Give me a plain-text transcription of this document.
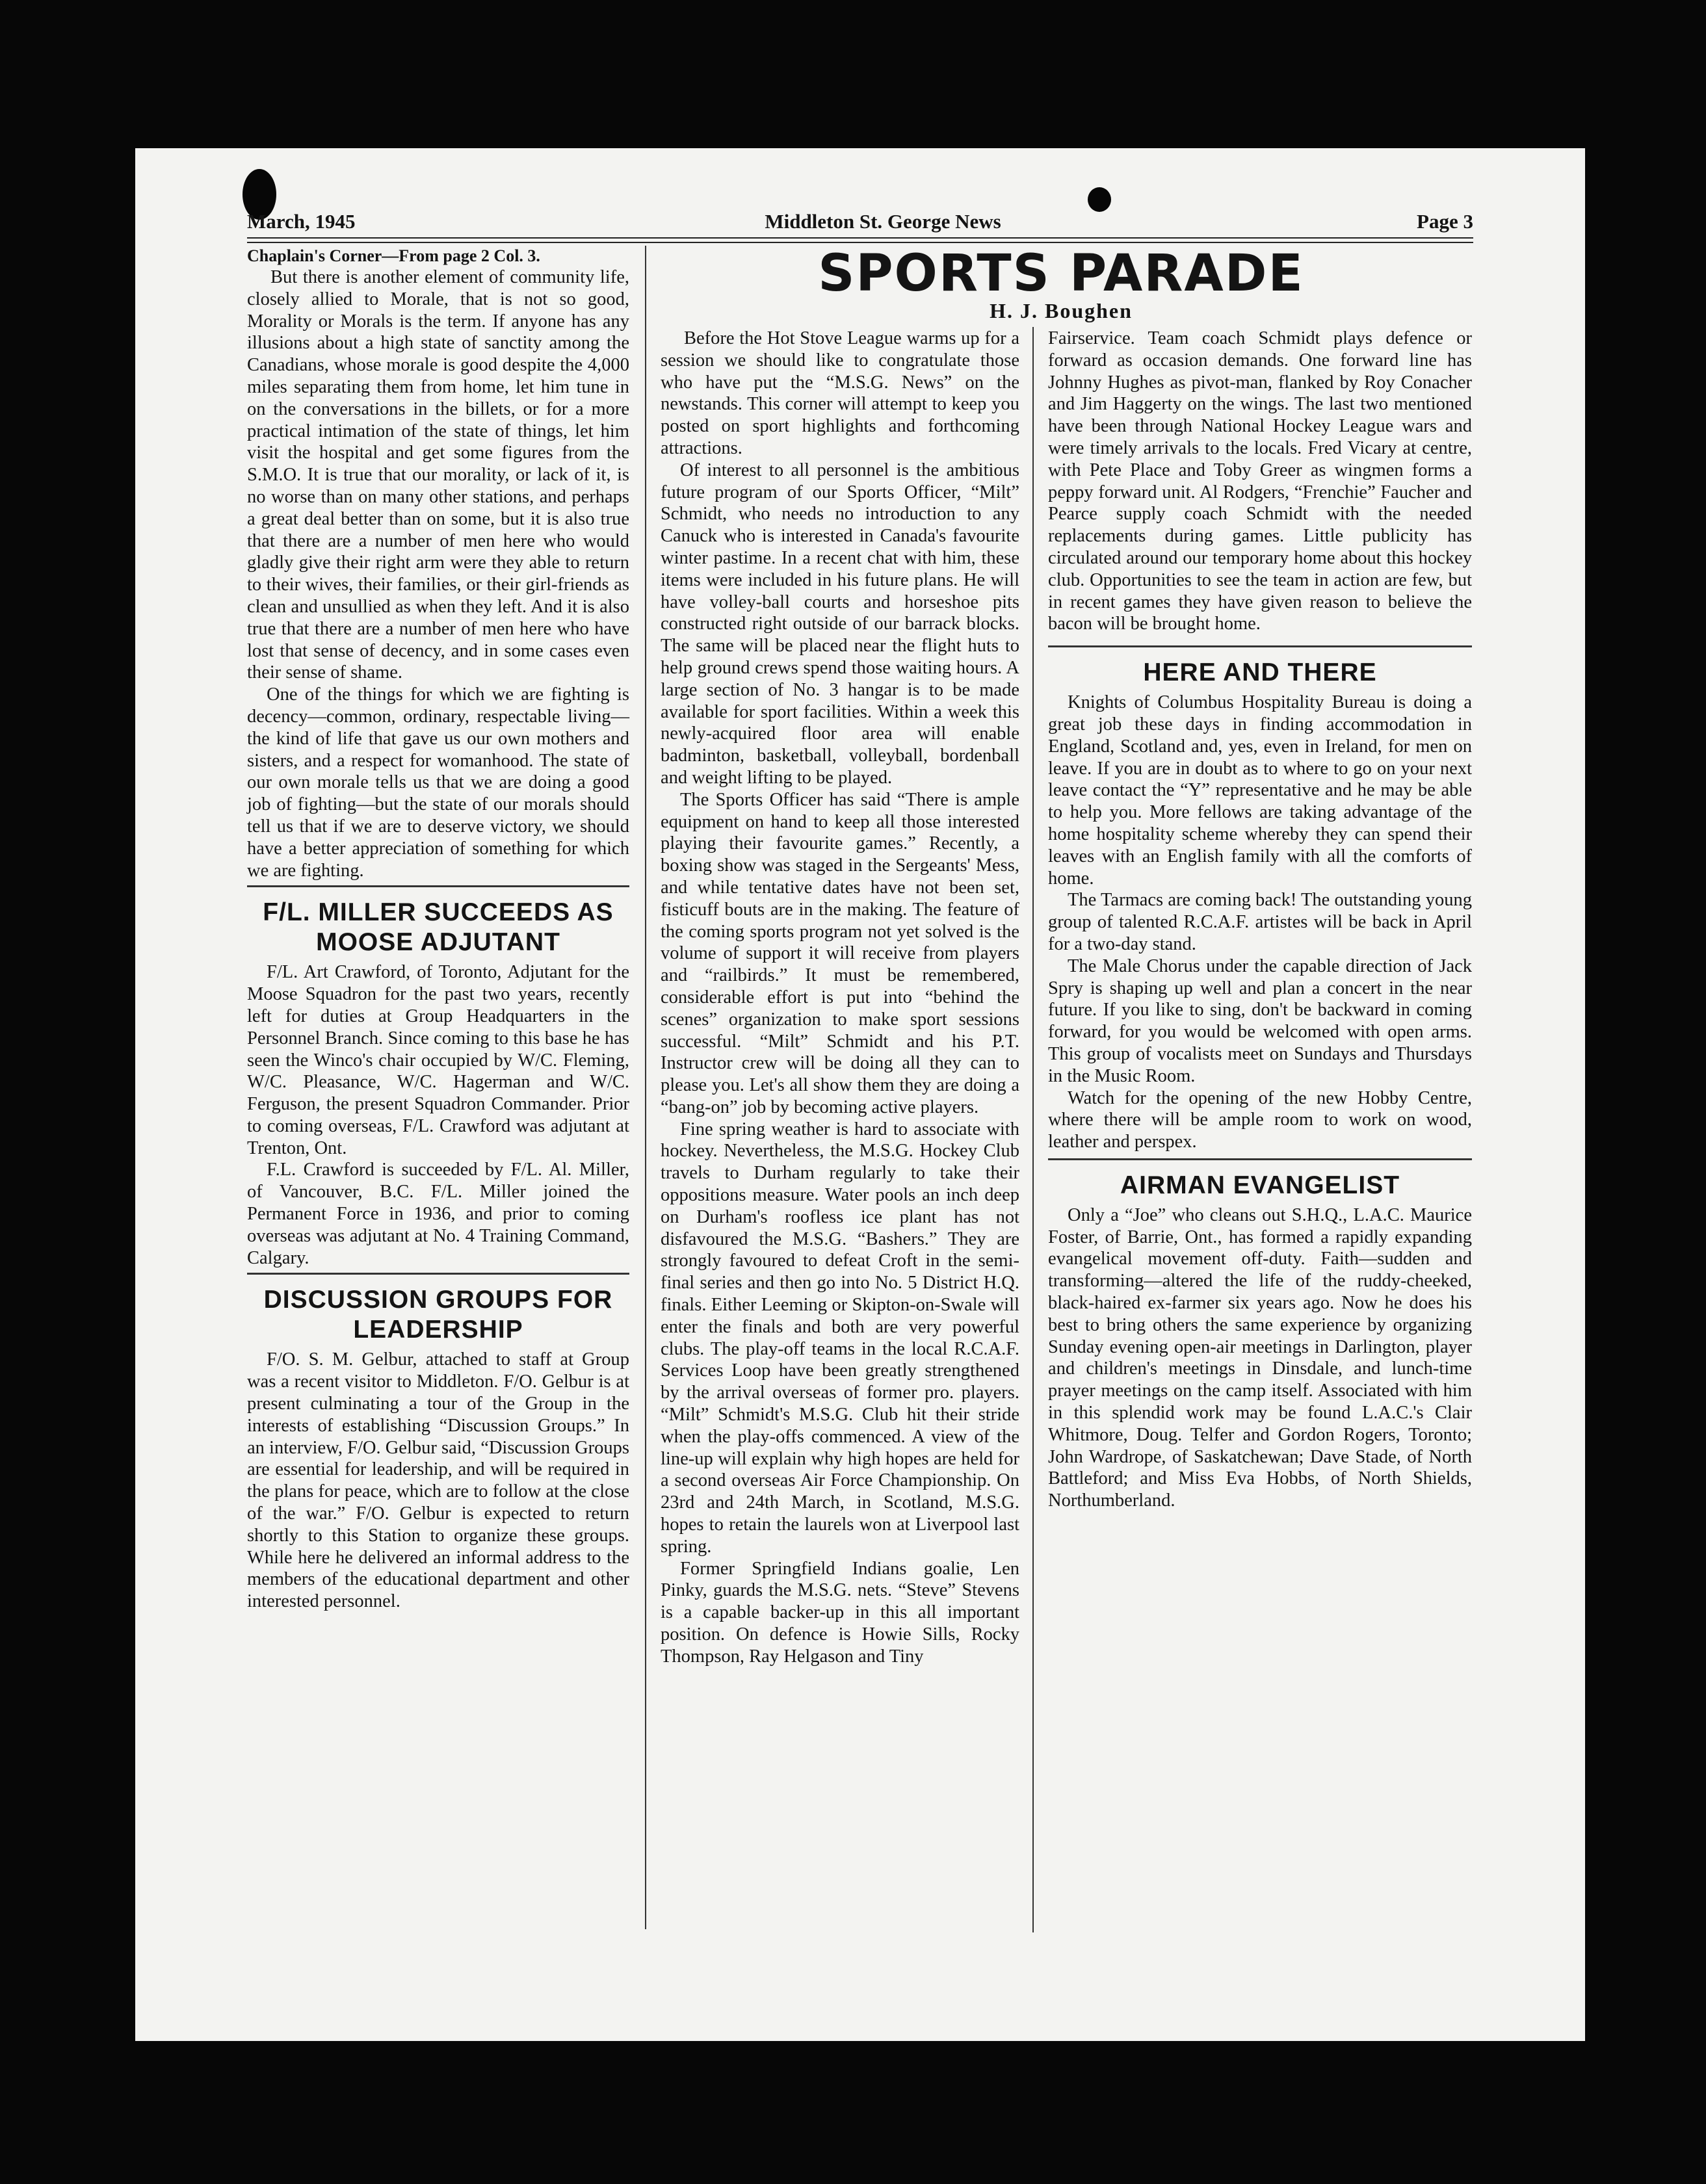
March, 1945	Middleton St. George News	Page 3
Chaplain's Corner—From page 2 Col. 3.

But there is another element of community life, closely allied to Morale, that is not so good, Morality or Morals is the term. If anyone has any illusions about a high state of sanctity among the Canadians, whose morale is good despite the 4,000 miles separating them from home, let him tune in on the conversations in the billets, or for a more practical intimation of the state of things, let him visit the hospital and get some figures from the S.M.O. It is true that our morality, or lack of it, is no worse than on many other stations, and perhaps a great deal better than on some, but it is also true that there are a number of men here who would gladly give their right arm were they able to return to their wives, their families, or their girl-friends as clean and unsullied as when they left. And it is also true that there are a number of men here who have lost that sense of decency, and in some cases even their sense of shame.

One of the things for which we are fighting is decency—common, ordinary, respectable living—the kind of life that gave us our own mothers and sisters, and a respect for womanhood. The state of our own morale tells us that we are doing a good job of fighting—but the state of our morals should tell us that if we are to deserve victory, we should have a better appreciation of something for which we are fighting.

F/L. MILLER SUCCEEDS AS MOOSE ADJUTANT

F/L. Art Crawford, of Toronto, Adjutant for the Moose Squadron for the past two years, recently left for duties at Group Headquarters in the Personnel Branch. Since coming to this base he has seen the Winco's chair occupied by W/C. Fleming, W/C. Pleasance, W/C. Hagerman and W/C. Ferguson, the present Squadron Commander. Prior to coming overseas, F/L. Crawford was adjutant at Trenton, Ont.

F.L. Crawford is succeeded by F/L. Al. Miller, of Vancouver, B.C. F/L. Miller joined the Permanent Force in 1936, and prior to coming overseas was adjutant at No. 4 Training Command, Calgary.

DISCUSSION GROUPS FOR LEADERSHIP

F/O. S. M. Gelbur, attached to staff at Group was a recent visitor to Middleton. F/O. Gelbur is at present culminating a tour of the Group in the interests of establishing “Discussion Groups.” In an interview, F/O. Gelbur said, “Discussion Groups are essential for leadership, and will be required in the plans for peace, which are to follow at the close of the war.” F/O. Gelbur is expected to return shortly to this Station to organize these groups. While here he delivered an informal address to the members of the educational department and other interested personnel.

SPORTS PARADE
H. J. Boughen

Before the Hot Stove League warms up for a session we should like to congratulate those who have put the “M.S.G. News” on the newstands. This corner will attempt to keep you posted on sport highlights and forthcoming attractions.

Of interest to all personnel is the ambitious future program of our Sports Officer, “Milt” Schmidt, who needs no introduction to any Canuck who is interested in Canada's favourite winter pastime. In a recent chat with him, these items were included in his future plans. He will have volley-ball courts and horseshoe pits constructed right outside of our barrack blocks. The same will be placed near the flight huts to help ground crews spend those waiting hours. A large section of No. 3 hangar is to be made available for sport facilities. Within a week this newly-acquired floor area will enable badminton, basketball, volleyball, bordenball and weight lifting to be played.

The Sports Officer has said “There is ample equipment on hand to keep all those interested playing their favourite games.” Recently, a boxing show was staged in the Sergeants' Mess, and while tentative dates have not been set, fisticuff bouts are in the making. The feature of the coming sports program not yet solved is the volume of support it will receive from players and “railbirds.” It must be remembered, considerable effort is put into “behind the scenes” organization to make sport sessions successful. “Milt” Schmidt and his P.T. Instructor crew will be doing all they can to please you. Let's all show them they are doing a “bang-on” job by becoming active players.

Fine spring weather is hard to associate with hockey. Nevertheless, the M.S.G. Hockey Club travels to Durham regularly to take their oppositions measure. Water pools an inch deep on Durham's roofless ice plant has not disfavoured the M.S.G. “Bashers.” They are strongly favoured to defeat Croft in the semi-final series and then go into No. 5 District H.Q. finals. Either Leeming or Skipton-on-Swale will enter the finals and both are very powerful clubs. The play-off teams in the local R.C.A.F. Services Loop have been greatly strengthened by the arrival overseas of former pro. players. “Milt” Schmidt's M.S.G. Club hit their stride when the play-offs commenced. A view of the line-up will explain why high hopes are held for a second overseas Air Force Championship. On 23rd and 24th March, in Scotland, M.S.G. hopes to retain the laurels won at Liverpool last spring.

Former Springfield Indians goalie, Len Pinky, guards the M.S.G. nets. “Steve” Stevens is a capable backer-up in this all important position. On defence is Howie Sills, Rocky Thompson, Ray Helgason and Tiny

Fairservice. Team coach Schmidt plays defence or forward as occasion demands. One forward line has Johnny Hughes as pivot-man, flanked by Roy Conacher and Jim Haggerty on the wings. The last two mentioned have been through National Hockey League wars and were timely arrivals to the locals. Fred Vicary at centre, with Pete Place and Toby Greer as wingmen forms a peppy forward unit. Al Rodgers, “Frenchie” Faucher and Pearce supply coach Schmidt with the needed replacements during games. Little publicity has circulated around our temporary home about this hockey club. Opportunities to see the team in action are few, but in recent games they have given reason to believe the bacon will be brought home.

HERE AND THERE

Knights of Columbus Hospitality Bureau is doing a great job these days in finding accommodation in England, Scotland and, yes, even in Ireland, for men on leave. If you are in doubt as to where to go on your next leave contact the “Y” representative and he may be able to help you. More fellows are taking advantage of the home hospitality scheme whereby they can spend their leaves with an English family with all the comforts of home.

The Tarmacs are coming back! The outstanding young group of talented R.C.A.F. artistes will be back in April for a two-day stand.

The Male Chorus under the capable direction of Jack Spry is shaping up well and plan a concert in the near future. If you like to sing, don't be backward in coming forward, for you would be welcomed with open arms. This group of vocalists meet on Sundays and Thursdays in the Music Room.

Watch for the opening of the new Hobby Centre, where there will be ample room to work on wood, leather and perspex.

AIRMAN EVANGELIST

Only a “Joe” who cleans out S.H.Q., L.A.C. Maurice Foster, of Barrie, Ont., has formed a rapidly expanding evangelical movement off-duty. Faith—sudden and transforming—altered the life of the ruddy-cheeked, black-haired ex-farmer six years ago. Now he does his best to bring others the same experience by organizing Sunday evening open-air meetings in Darlington, player and children's meetings in Dinsdale, and lunch-time prayer meetings on the camp itself. Associated with him in this splendid work may be found L.A.C.'s Clair Whitmore, Doug. Telfer and Gordon Rogers, Toronto; John Wardrope, of Saskatchewan; Dave Stade, of North Battleford; and Miss Eva Hobbs, of North Shields, Northumberland.
